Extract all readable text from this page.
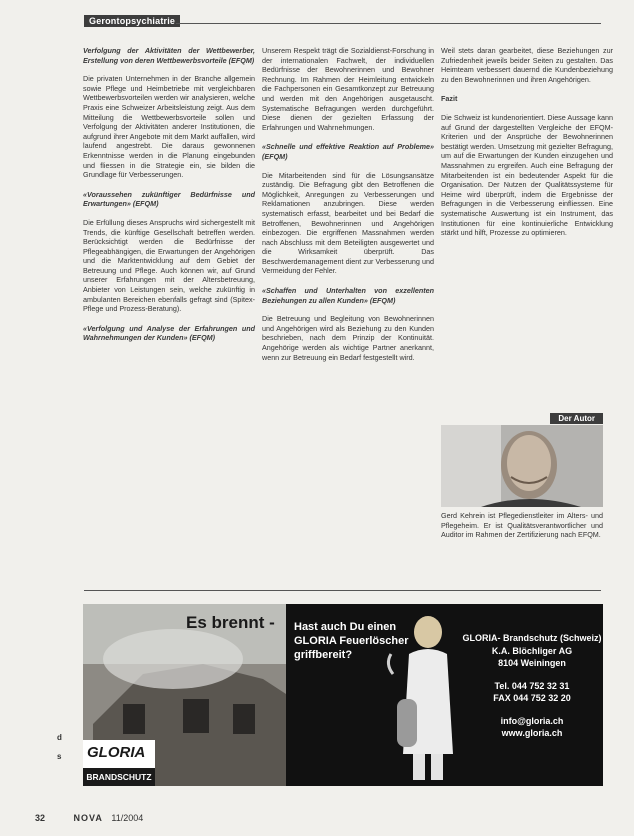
Gerontopsychiatrie
Verfolgung der Aktivitäten der Wettbewerber, Erstellung von deren Wettbewerbsvorteile (EFQM)

Die privaten Unternehmen in der Branche allgemein sowie Pflege und Heimbetriebe mit vergleichbaren Wettbewerbsvorteilen werden wir analysieren, welche Praxis eine Schweizer Arbeitsleistung zeigt. Aus dem Mitteilung die Wettbewerbsvorteile sollen und Verfolgung der Aktivitäten anderer Institutionen, die aufgrund ihrer Angebote mit dem Markt auffallen, wird laufend angestrebt. Die daraus gewonnenen Erkenntnisse werden in die Planung eingebunden und fliessen in die Strategie ein, sie bilden die Grundlage für Verbesserungen.

«Voraussehen zukünftiger Bedürfnisse und Erwartungen» (EFQM)

Die Erfüllung dieses Anspruchs wird sichergestellt mit Trends, die künftige Gesellschaft betreffen werden. Berücksichtigt werden die Bedürfnisse der Pflegeabhängigen, die Erwartungen der Angehörigen und die Marktentwicklung auf dem Gebiet der Betreuung und Pflege. Auch können wir, auf Grund unserer Erfahrungen mit der Altersbetreuung, Anbieter von Leistungen sein, welche zukünftig in ambulanten Bereichen ebenfalls gefragt sind (Spitex-Pflege und Prozess-Beratung).

«Verfolgung und Analyse der Erfahrungen und Wahrnehmungen der Kunden» (EFQM)

Unserem Respekt trägt die Sozialdienst-Forschung in der internationalen Fachwelt, der individuellen Bedürfnisse der Bewohnerinnen und Bewohner Rechnung. Im Rahmen der Heimleitung entwickeln die Fachpersonen ein Gesamtkonzept zur Betreuung und werden mit den Angehörigen ausgetauscht. Systematische Befragungen werden durchgeführt. Diese dienen der gezielten Erfassung der Erfahrungen und Wahrnehmungen.

«Schnelle und effektive Reaktion auf Probleme» (EFQM)

Die Mitarbeitenden sind für die Lösungsansätze zuständig. Die Befragung gibt den Betroffenen die Möglichkeit, Anregungen zu Verbesserungen und Reklamationen anzubringen. Diese werden systematisch erfasst, bearbeitet und bei Bedarf die Betroffenen, Bewohnerinnen und Angehörigen einbezogen. Die ergriffenen Massnahmen werden nach Abschluss mit dem Beteiligten ausgewertet und die Wirksamkeit überprüft. Das Beschwerdemanagement dient zur Verbesserung und Vermeidung der Fehler.

«Schaffen und Unterhalten von exzellenten Beziehungen zu allen Kunden» (EFQM)

Die Betreuung und Begleitung von Bewohnerinnen und Angehörigen wird als Beziehung zu den Kunden beschrieben, nach dem Prinzip der Kontinuität. Angehörige werden als wichtige Partner anerkannt, wenn zur Betreuung ein Bedarf festgestellt wird.

Weil stets daran gearbeitet, diese Beziehungen zur Zufriedenheit jeweils beider Seiten zu gestalten. Das Heimteam verbessert dauernd die Kundenbeziehung zu den Bewohnerinnen und ihren Angehörigen.

Fazit

Die Schweiz ist kundenorientiert. Diese Aussage kann auf Grund der dargestellten Vergleiche der EFQM-Kriterien und der Ansprüche der Bewohnerinnen bestätigt werden. Umsetzung mit gezielter Befragung, um auf die Erwartungen der Kunden einzugehen und Massnahmen zu ergreifen. Auch eine Befragung der Mitarbeitenden ist ein bedeutender Aspekt für die Organisation. Der Nutzen der Qualitätssysteme für Heime wird überprüft, indem die Ergebnisse der Befragungen in die Verbesserung einfliessen. Eine systematische Auswertung ist ein Instrument, das Institutionen für eine kontinuierliche Entwicklung stärkt und hilft, Prozesse zu optimieren.

Der Autor
Gerd Kehrein ist Pflegedienstleiter im Alters- und Pflegeheim. Er ist Qualitätsverantwortlicher und Auditor im Rahmen der Zertifizierung nach EFQM.
Es brennt -
GLORIA
BRANDSCHUTZ
Hast auch Du einen GLORIA Feuerlöscher griffbereit?

GLORIA- Brandschutz (Schweiz)

K.A. Blöchliger AG

8104 Weiningen

Tel. 044 752 32 31

FAX 044 752 32 20

info@gloria.ch

www.gloria.ch

d
s
32	NOVA 11/2004
